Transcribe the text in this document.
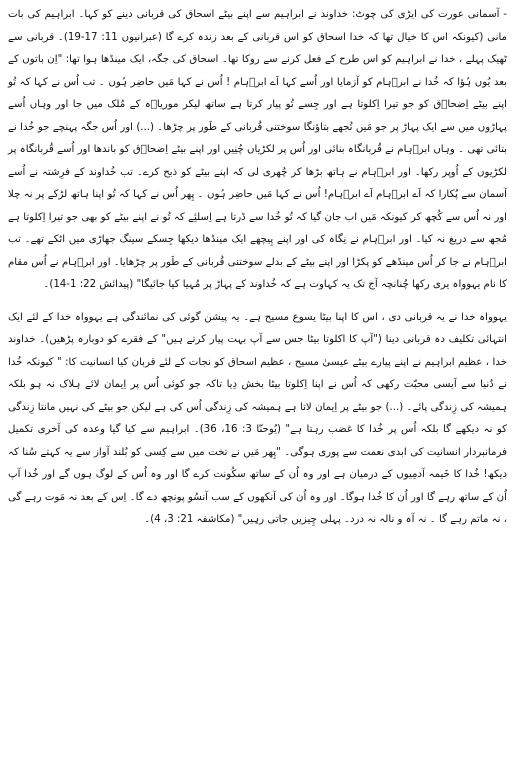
- آسمانی عورت کی ایڑی کی چوٹ: خداوند نے ابراہیم سے اپنے بیٹے اسحاق کی قربانی دینے کو کہا۔ ابراہیم کی بات مانی (کیونکہ اس کا خیال تھا کہ خدا اسحاق کو اس قربانی کے بعد زندہ کرے گا (عبرانیوں 11: 17-19)۔ قربانی سے ٹھیک پہلے ، خدا نے ابراہیم کو اس طرح کے فعل کرنے سے روکا تھا۔ اسحاق کی جگہ، ایک مینڈھا ہوا تھا: "اِن باتوں کے بعد یُوں ہُؤا کہ خُدا نے ابرؔہام کو آزمایا اور اُسے کہا اَے ابرؔہام ! اُس نے کہا مَیں حاضِر ہُوں ۔ تب اُس نے کہا کہ تُو اپنے بیٹے اِضحاؔق کو جو تیرا اِکلوتا ہے اور جِسے تُو پیار کرتا ہے ساتھ لیکر موریاؔہ کے مُلک میں جا اور وہاں اُسے پہاڑوں میں سے ایک پہاڑ پر جو مَیں تُجھے بتاؤنگا سوختنی قُربانی کے طَور پر چڑھا۔ (...) اور اُس جگہ پہنچے جو خُدا نے بتائی تھی ۔ وہاں ابرؔہام نے قُربانگاہ بنائی اور اُس پر لکڑیاں چُنِیں اور اپنے بیٹے اِضحاؔق کو باندھا اور اُسے قُربانگاہ پر لکڑیوں کے اُوپر رکھا۔ اور ابرؔہام نے ہاتھ بڑھا کر چُھری لی کہ اپنے بیٹے کو ذبح کرے۔ تب خُداوند کے فرِشتہ نے اُسے آسمان سے پُکارا کہ اَے ابرؔہام اَے ابرؔہام! اُس نے کہا مَیں حاضِر ہُوں ۔ پِھر اُس نے کہا کہ تُو اپنا ہاتھ لڑکے پر نہ چلا اور نہ اُس سے کُچھ کر کیونکہ مَیں اب جان گیا کہ تُو خُدا سے ڈرتا ہے اِسلئِے کہ تُو نے اپنے بیٹے کو بھی جو تیرا اِکلوتا ہے مُجھ سے دریغ نہ کیا۔ اور ابرؔہام نے نِگاہ کی اور اپنے پِیچھے ایک مینڈھا دیکھا جِسکے سینگ جھاڑی میں اٹکے تھے۔ تب ابرؔہام نے جا کر اُس مینڈھے کو پکڑا اور اپنے بیٹے کے بدلے سوختنی قُربانی کے طَور پر چڑھایا۔ اور ابرؔہام نے اُس مقام کا نام یہوواہ یری رکھا چُنانچہ آج تک یہ کہاوت ہے کہ خُداوند کے پہاڑ پر مُہیا کیا جائیگا" (پیدائش 22: 1-14)۔

یہوواہ خدا نے یہ قربانی دی ، اس کا اپنا بیٹا یسوع مسیح ہے۔ یہ پیشن گوئی کی نمائندگی ہے یہوواہ خدا کے لئے ایک انتہائی تکلیف دہ قربانی دینا ("آپ کا اکلوتا بیٹا جس سے آپ بہت پیار کرتے ہیں" کے فقرے کو دوبارہ پڑھیں)۔ خداوند خدا ، عظیم ابراہیم نے اپنے پیارے بیٹے عیسیٰ مسیح ، عظیم اسحاق کو نجات کے لئے قربان کیا انسانیت کا: " کیونکہ خُدا نے دُنیا سے اَیسی محبّت رکھی کہ اُس نے اپنا اِکلوتا بیٹا بخش دِیا تاکہ جو کوئی اُس پر اِیمان لائے ہلاک نہ ہو بلکہ ہمیشہ کی زِندگی پائے۔ (...) جو بیٹے پر اِیمان لاتا ہے ہمیشہ کی زِندگی اُس کی ہے لیکن جو بیٹے کی نہیں مانتا زِندگی کو نہ دیکھے گا بلکہ اُس پر خُدا کا غضب رہتا ہے" (یُوحنّا 3: 16، 36)۔ ابراہیم سے کیا گیا وعدہ کی آخری تکمیل فرمانبردار انسانیت کی ابدی نعمت سے پوری ہوگی۔ "پِھر مَیں نے تخت میں سے کِسی کو بُلند آواز سے یہ کہتے سُنا کہ دیکھ! خُدا کا خَیمہ آدمِیوں کے درمیان ہے اور وہ اُن کے ساتھ سکُونت کرے گا اور وہ اُس کے لوگ ہوں گے اور خُدا آپ اُن کے ساتھ رہے گا اور اُن کا خُدا ہوگا۔ اور وہ اُن کی آنکھوں کے سب آنسُو پونچھ دے گا۔ اِس کے بعد نہ مَوت رہے گی ، نہ ماتم رہے گا ۔ نہ آہ و نالہ نہ درد۔ پہلی چِیزیں جاتی رہِیں" (مکاشفہ 21: 3، 4)۔
